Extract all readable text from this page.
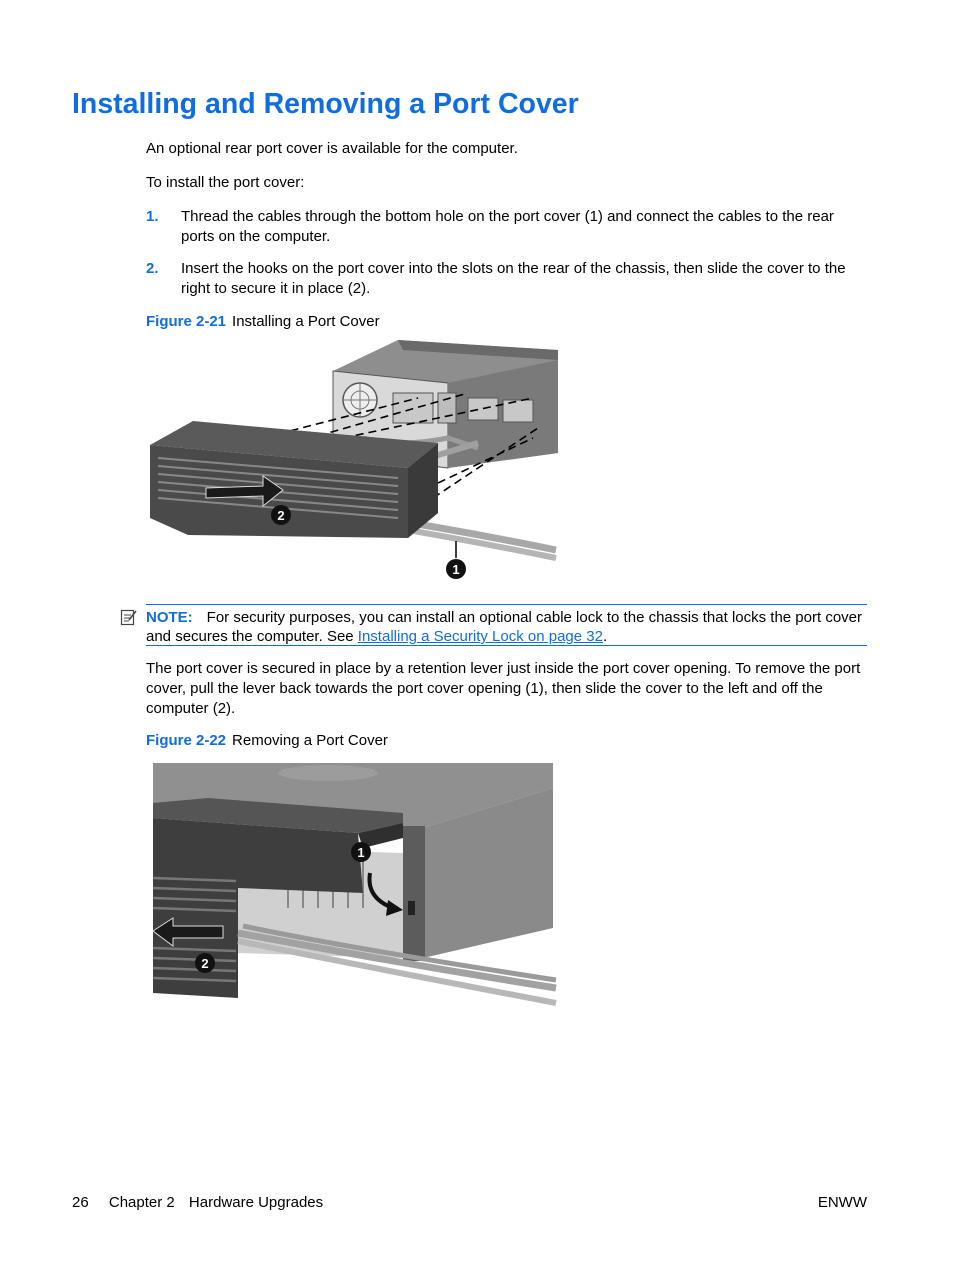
Installing and Removing a Port Cover

An optional rear port cover is available for the computer.

To install the port cover:

1. Thread the cables through the bottom hole on the port cover (1) and connect the cables to the rear ports on the computer.
2. Insert the hooks on the port cover into the slots on the rear of the chassis, then slide the cover to the right to secure it in place (2).
Figure 2-21 Installing a Port Cover
2
1
NOTE: For security purposes, you can install an optional cable lock to the chassis that locks the port cover and secures the computer. See Installing a Security Lock on page 32.

The port cover is secured in place by a retention lever just inside the port cover opening. To remove the port cover, pull the lever back towards the port cover opening (1), then slide the cover to the left and off the computer (2).

Figure 2-22 Removing a Port Cover
1
2
26 Chapter 2 Hardware Upgrades	ENWW
